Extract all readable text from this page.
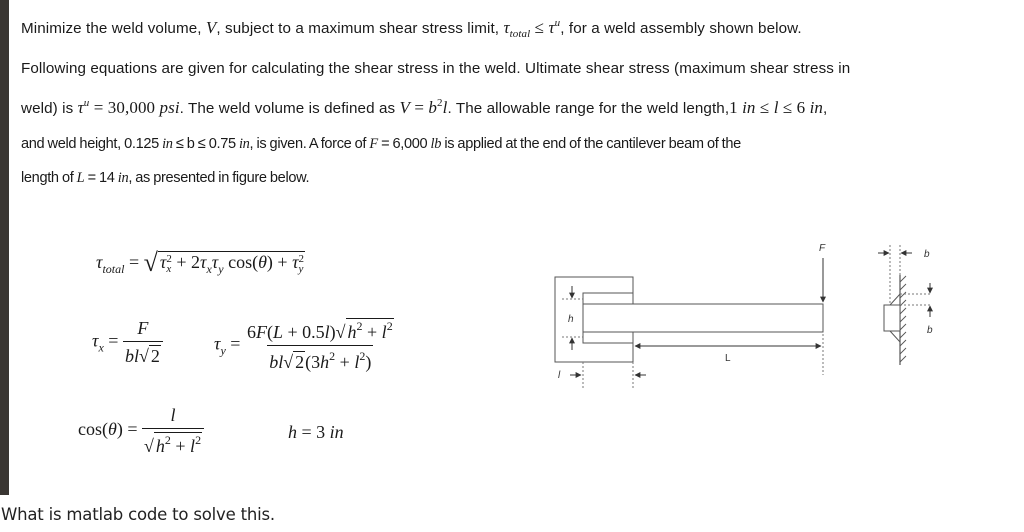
Minimize the weld volume, V, subject to a maximum shear stress limit, $\tau_{total} \le \tau^u$, for a weld assembly shown below.
Following equations are given for calculating the shear stress in the weld. Ultimate shear stress (maximum shear stress in
weld) is $\tau^u = 30,000$ psi. The weld volume is defined as $V = b^2l$. The allowable range for the weld length,1 in ≤ l ≤ 6 in,
and weld height, 0.125 in ≤ b ≤ 0.75 in, is given. A force of F = 6,000 lb is applied at the end of the cantilever beam of the
length of L = 14 in, as presented in figure below.
$\tau_{total}$ = √ τ 2
$x + 2\tau_x\tau_y$ cos(θ) + τ 2
y
$\tau_x = \frac{F}{bl√ 2}$	$\tau_y = \frac{6F(L + 0.5l)√ h^2 + l^2}{bl√ 2(3h^2 + l^2)}$
$\cos(\theta) = \frac{l}{√ h^2 + l^2}$	h = 3 in
F
h
L
l
b
b
What is matlab code to solve this.
